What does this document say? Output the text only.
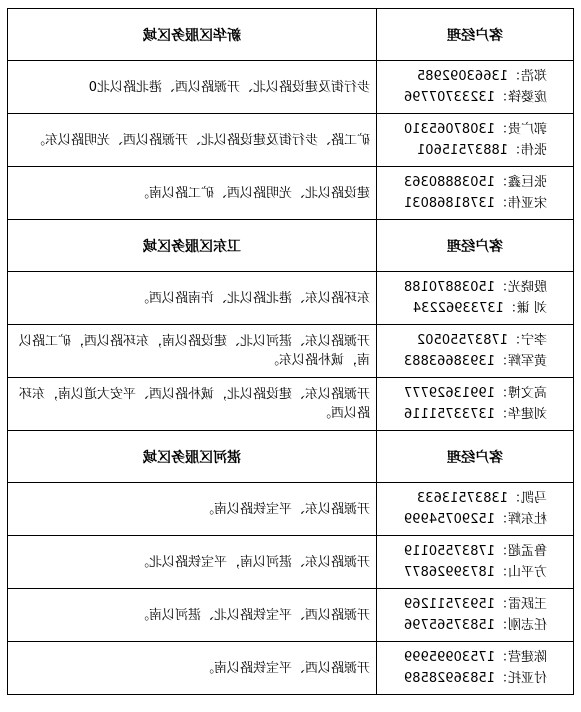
客户经理	新华区服务区域

郑浩：13663092985
庞婆锋：13233707796	步行街及建设路以北、开源路以西、港北路以北0

郭广贵：13087065310
张伟：18837515601	矿工路、步行街及建设路以北、开源路以西、光明路以东。

张巨鑫：15038880363
宋亚伟：13781868031	建设路以北、光明路以西、矿工路以南。
客户经理	卫东区服务区域

殷晓光：15038870188
刘 谦：13733962234	东环路以东、港北路以北、许南路以西。

李宁：17837550502
黄军辉：13938663883	开源路以东、湛河以北、建设路以南，东环路以西，矿工路以南，诚朴路以东。

高文博：19913629777
刘建华：13733751116	开源路以东、建设路以北，诚朴路以西、平安大道以南，东环路以西。
客户经理	湛河区服务区域

马凯：13837513633
杜东辉：15290754999	开源路以东、平宝铁路以南。

鲁孟超：17837550119
方平山：18739926877	开源路以东、湛河以南，平宝铁路以北。

王跃雷：15937511269
任志刚：15837565796	开源路以西、平宝铁路以北、湛河以南。

陈建营：17530995999
付亚托：15836928589	开源路以西、平宝铁路以南。
